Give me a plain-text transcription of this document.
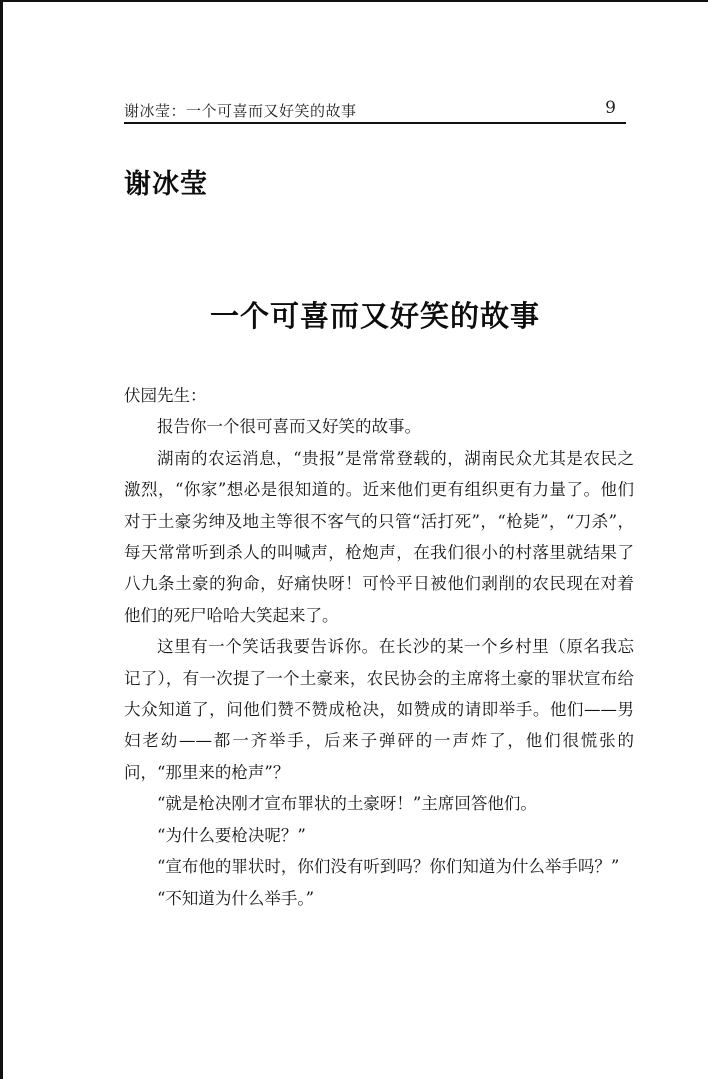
谢冰莹：一个可喜而又好笑的故事	9
谢冰莹
一个可喜而又好笑的故事

伏园先生：

报告你一个很可喜而又好笑的故事。

湖南的农运消息，“贵报”是常常登载的，湖南民众尤其是农民之激烈，“你家”想必是很知道的。近来他们更有组织更有力量了。他们对于土豪劣绅及地主等很不客气的只管“活打死”，“枪毙”，“刀杀”，每天常常听到杀人的叫喊声，枪炮声，在我们很小的村落里就结果了八九条土豪的狗命，好痛快呀！可怜平日被他们剥削的农民现在对着他们的死尸哈哈大笑起来了。

这里有一个笑话我要告诉你。在长沙的某一个乡村里（原名我忘记了），有一次提了一个土豪来，农民协会的主席将土豪的罪状宣布给大众知道了，问他们赞不赞成枪决，如赞成的请即举手。他们——男妇老幼——都一齐举手，后来子弹砰的一声炸了，他们很慌张的问，“那里来的枪声”？

“就是枪决刚才宣布罪状的土豪呀！”主席回答他们。

“为什么要枪决呢？”

“宣布他的罪状时，你们没有听到吗？你们知道为什么举手吗？”

“不知道为什么举手。”
